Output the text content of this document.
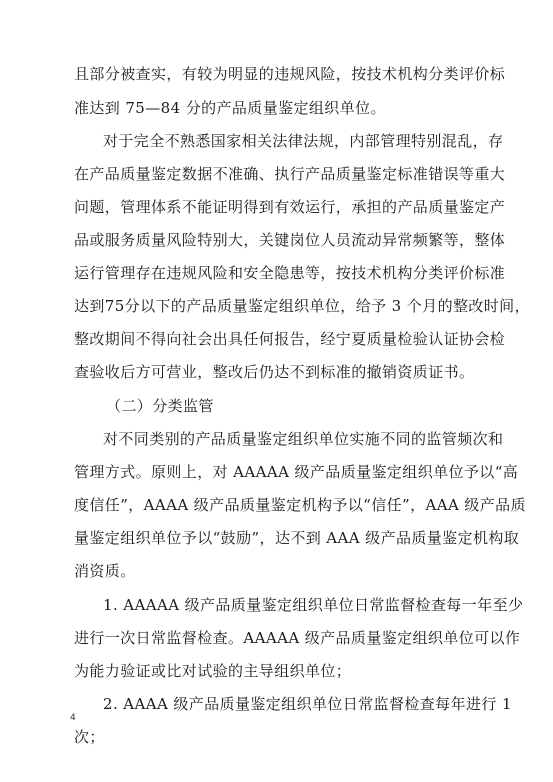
且部分被查实，有较为明显的违规风险，按技术机构分类评价标
准达到 75—84 分的产品质量鉴定组织单位。
对于完全不熟悉国家相关法律法规，内部管理特别混乱，存
在产品质量鉴定数据不准确、执行产品质量鉴定标准错误等重大
问题，管理体系不能证明得到有效运行，承担的产品质量鉴定产
品或服务质量风险特别大，关键岗位人员流动异常频繁等，整体
运行管理存在违规风险和安全隐患等，按技术机构分类评价标准
达到75分以下的产品质量鉴定组织单位，给予 3 个月的整改时间，
整改期间不得向社会出具任何报告，经宁夏质量检验认证协会检
查验收后方可营业，整改后仍达不到标准的撤销资质证书。
（二）分类监管
对不同类别的产品质量鉴定组织单位实施不同的监管频次和
管理方式。原则上，对 AAAAA 级产品质量鉴定组织单位予以“高
度信任”，AAAA 级产品质量鉴定机构予以“信任”，AAA 级产品质
量鉴定组织单位予以“鼓励”，达不到 AAA 级产品质量鉴定机构取
消资质。
1. AAAAA 级产品质量鉴定组织单位日常监督检查每一年至少
进行一次日常监督检查。AAAAA 级产品质量鉴定组织单位可以作
为能力验证或比对试验的主导组织单位；
2. AAAA 级产品质量鉴定组织单位日常监督检查每年进行 1
次；
4
